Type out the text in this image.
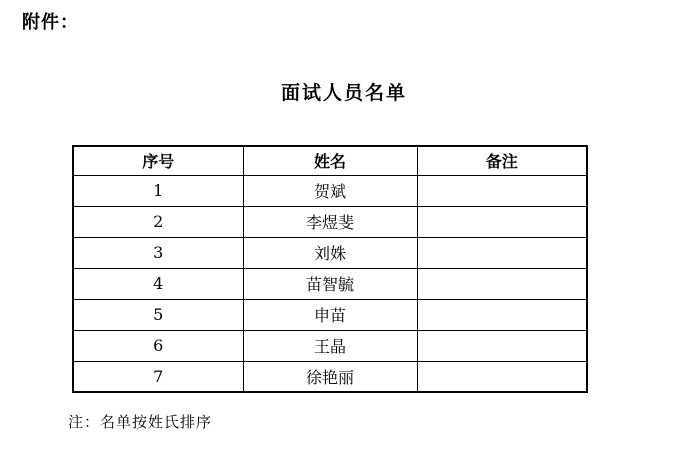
附件：
面试人员名单
序号	姓名	备注
1	贺斌	
2	李煜斐	
3	刘姝	
4	苗智毓	
5	申苗	
6	王晶	
7	徐艳丽	
注：名单按姓氏排序
